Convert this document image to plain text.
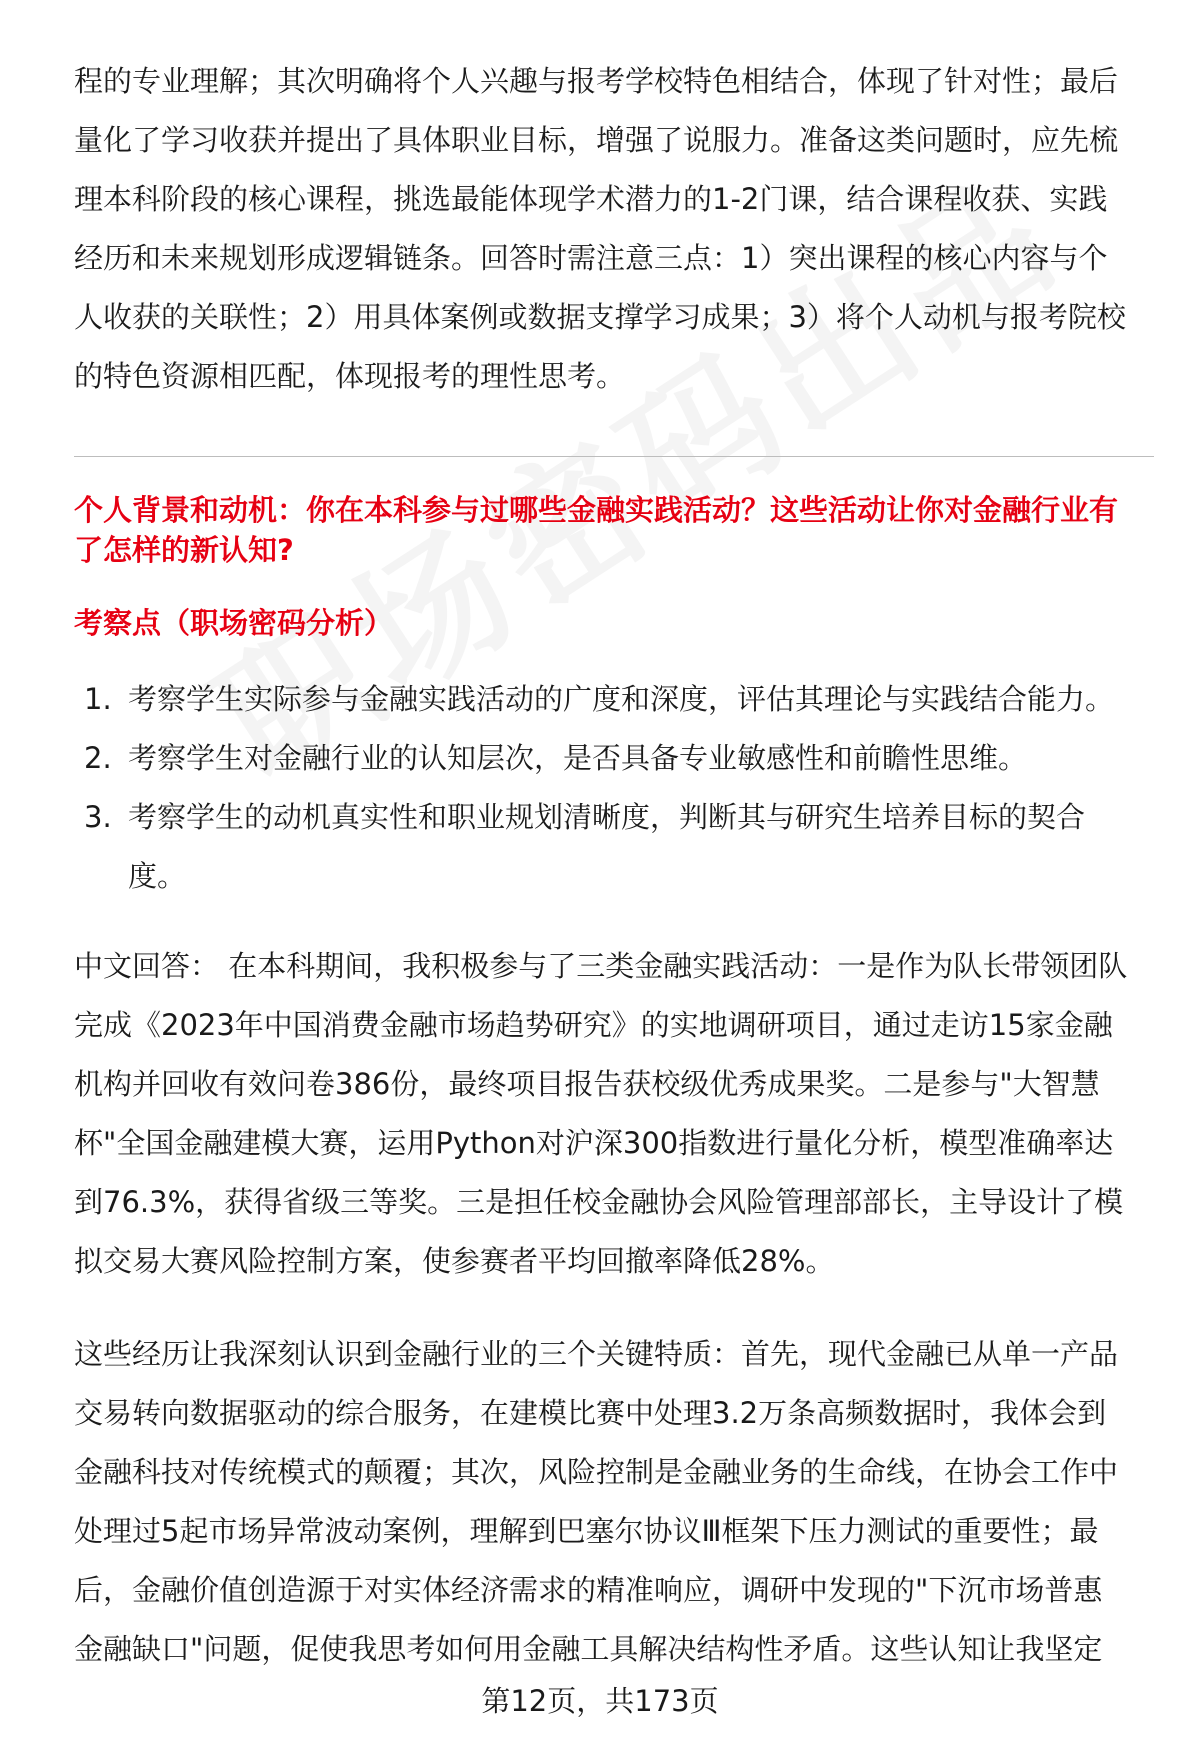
程的专业理解；其次明确将个人兴趣与报考学校特色相结合，体现了针对性；最后
量化了学习收获并提出了具体职业目标，增强了说服力。准备这类问题时，应先梳
理本科阶段的核心课程，挑选最能体现学术潜力的1-2门课，结合课程收获、实践
经历和未来规划形成逻辑链条。回答时需注意三点：1）突出课程的核心内容与个
人收获的关联性；2）用具体案例或数据支撑学习成果；3）将个人动机与报考院校
的特色资源相匹配，体现报考的理性思考。
个人背景和动机：你在本科参与过哪些金融实践活动？这些活动让你对金融行业有
了怎样的新认知?
考察点（职场密码分析）
1. 考察学生实际参与金融实践活动的广度和深度，评估其理论与实践结合能力。
2. 考察学生对金融行业的认知层次，是否具备专业敏感性和前瞻性思维。
3. 考察学生的动机真实性和职业规划清晰度，判断其与研究生培养目标的契合
度。
中文回答： 在本科期间，我积极参与了三类金融实践活动：一是作为队长带领团队
完成《2023年中国消费金融市场趋势研究》的实地调研项目，通过走访15家金融
机构并回收有效问卷386份，最终项目报告获校级优秀成果奖。二是参与"大智慧
杯"全国金融建模大赛，运用Python对沪深300指数进行量化分析，模型准确率达
到76.3%，获得省级三等奖。三是担任校金融协会风险管理部部长，主导设计了模
拟交易大赛风险控制方案，使参赛者平均回撤率降低28%。
这些经历让我深刻认识到金融行业的三个关键特质：首先，现代金融已从单一产品
交易转向数据驱动的综合服务，在建模比赛中处理3.2万条高频数据时，我体会到
金融科技对传统模式的颠覆；其次，风险控制是金融业务的生命线，在协会工作中
处理过5起市场异常波动案例，理解到巴塞尔协议Ⅲ框架下压力测试的重要性；最
后，金融价值创造源于对实体经济需求的精准响应，调研中发现的"下沉市场普惠
金融缺口"问题，促使我思考如何用金融工具解决结构性矛盾。这些认知让我坚定
第12页，共173页
